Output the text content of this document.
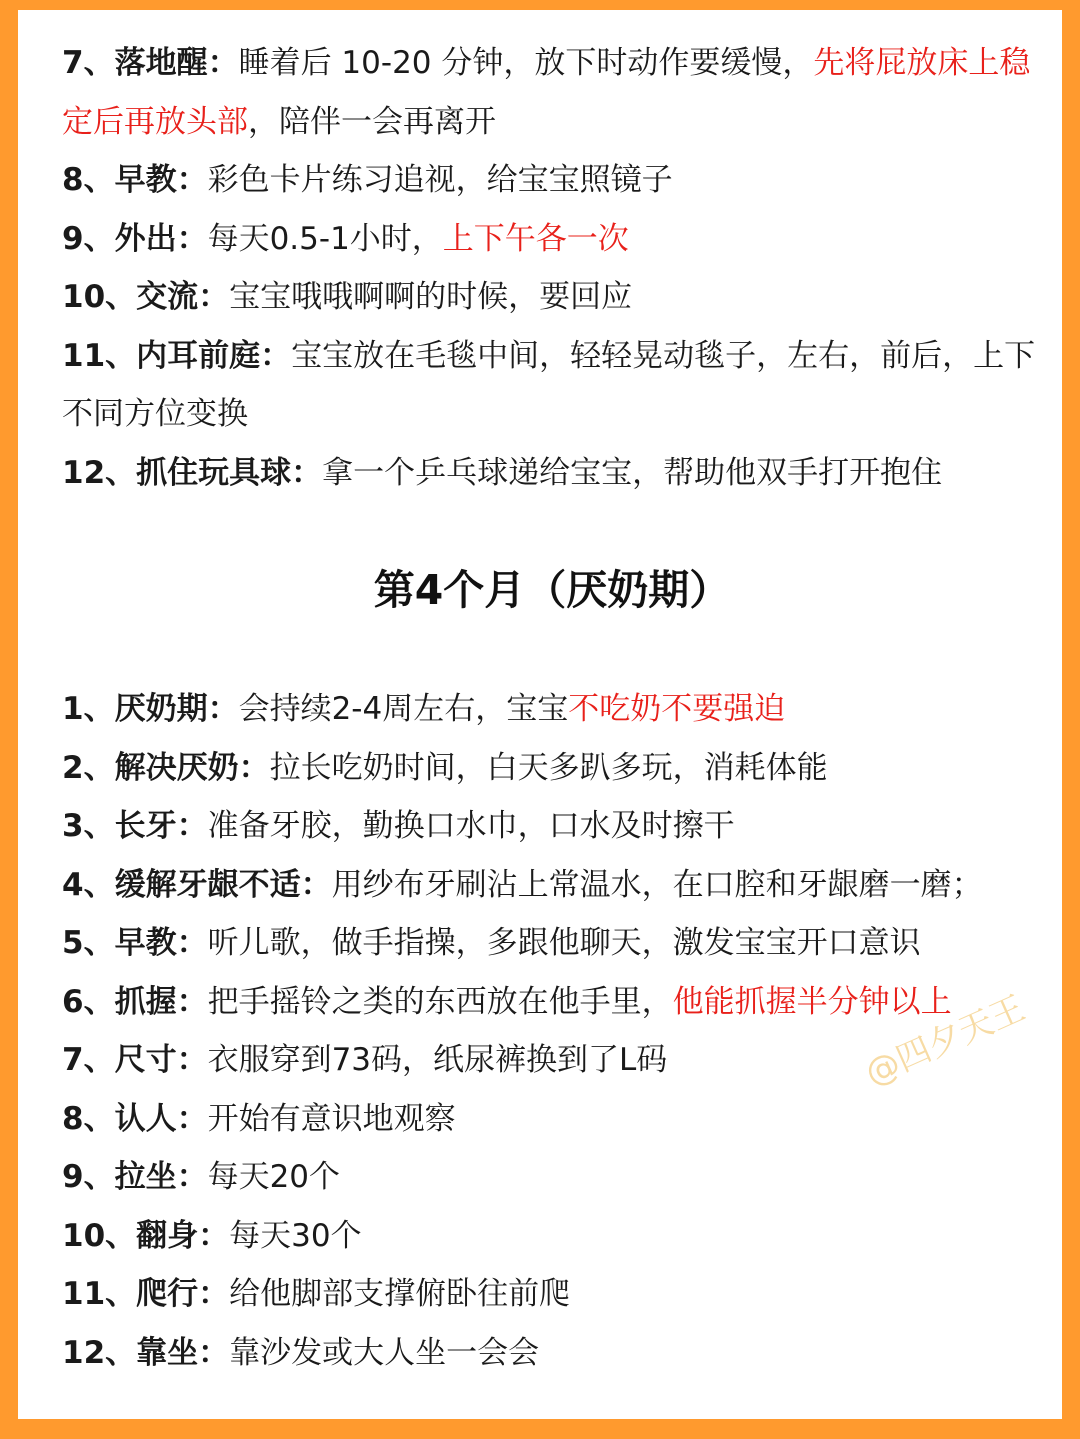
7、落地醒：睡着后 10-20 分钟，放下时动作要缓慢，先将屁放床上稳定后再放头部，陪伴一会再离开

8、早教：彩色卡片练习追视，给宝宝照镜子

9、外出：每天0.5-1小时，上下午各一次

10、交流：宝宝哦哦啊啊的时候，要回应

11、内耳前庭：宝宝放在毛毯中间，轻轻晃动毯子，左右，前后，上下不同方位变换

12、抓住玩具球：拿一个乒乓球递给宝宝，帮助他双手打开抱住

第4个月（厌奶期）

1、厌奶期：会持续2-4周左右，宝宝不吃奶不要强迫

2、解决厌奶：拉长吃奶时间，白天多趴多玩，消耗体能

3、长牙：准备牙胶，勤换口水巾，口水及时擦干

4、缓解牙龈不适：用纱布牙刷沾上常温水，在口腔和牙龈磨一磨；

5、早教：听儿歌，做手指操，多跟他聊天，激发宝宝开口意识

6、抓握：把手摇铃之类的东西放在他手里，他能抓握半分钟以上

7、尺寸：衣服穿到73码，纸尿裤换到了L码

8、认人：开始有意识地观察

9、拉坐：每天20个

10、翻身：每天30个

11、爬行：给他脚部支撑俯卧往前爬

12、靠坐：靠沙发或大人坐一会会

@四夕天王
